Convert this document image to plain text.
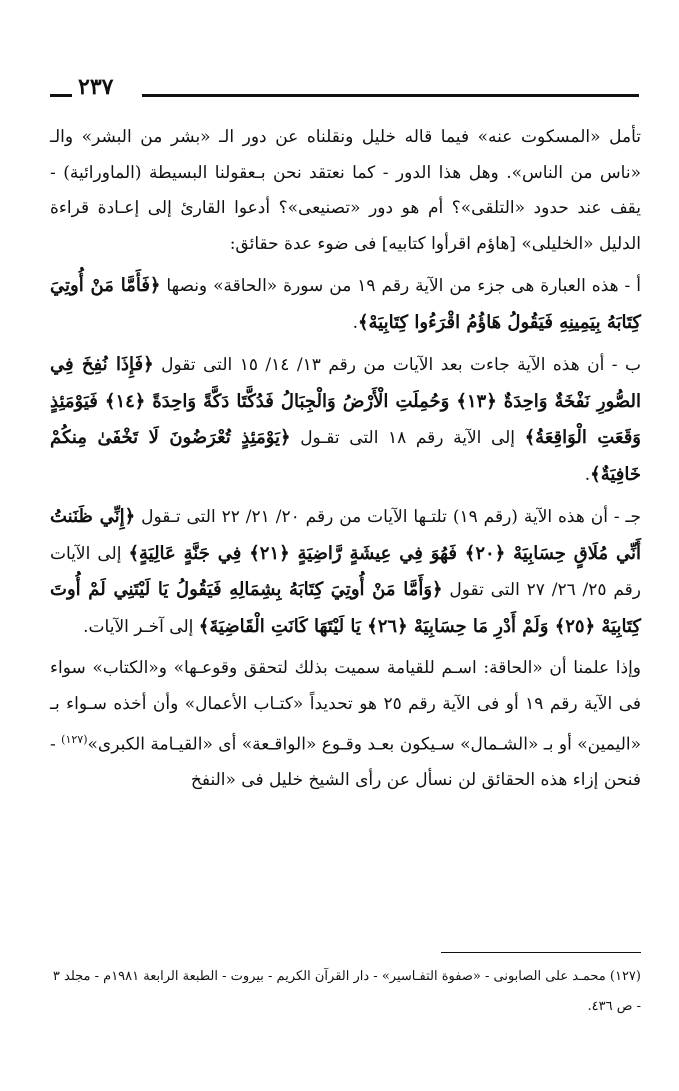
٢٣٧

تأمل «المسكوت عنه» فيما قاله خليل ونقلناه عن دور الـ «بشر من البشر» والـ «ناس من الناس». وهل هذا الدور - كما نعتقد نحن بـعقولنا البسيطة (الماورائية) - يقف عند حدود «التلقى»؟ أم هو دور «تصنيعى»؟ أدعوا القارئ إلى إعـادة قراءة الدليل «الخليلى» [هاؤم اقرأوا كتابيه] فى ضوء عدة حقائق:

أ - هذه العبارة هى جزء من الآية رقم ١٩ من سورة «الحاقة» ونصها ﴿فَأَمَّا مَنْ أُوتِيَ كِتَابَهُ بِيَمِينِهِ فَيَقُولُ هَاؤُمُ اقْرَءُوا كِتَابِيَهْ﴾.

ب - أن هذه الآية جاءت بعد الآيات من رقم ١٣/ ١٤/ ١٥ التى تقول ﴿فَإِذَا نُفِخَ فِي الصُّورِ نَفْخَةٌ وَاحِدَةٌ ﴿١٣﴾ وَحُمِلَتِ الْأَرْضُ وَالْجِبَالُ فَدُكَّتَا دَكَّةً وَاحِدَةً ﴿١٤﴾ فَيَوْمَئِذٍ وَقَعَتِ الْوَاقِعَةُ﴾ إلى الآية رقم ١٨ التى تقـول ﴿يَوْمَئِذٍ تُعْرَضُونَ لَا تَخْفَىٰ مِنكُمْ خَافِيَةٌ﴾.

جـ - أن هذه الآية (رقم ١٩) تلتـها الآيات من رقم ٢٠/ ٢١/ ٢٢ التى تـقول ﴿إِنِّي ظَنَنتُ أَنِّي مُلَاقٍ حِسَابِيَهْ ﴿٢٠﴾ فَهُوَ فِي عِيشَةٍ رَّاضِيَةٍ ﴿٢١﴾ فِي جَنَّةٍ عَالِيَةٍ﴾ إلى الآيات رقم ٢٥/ ٢٦/ ٢٧ التى تقول ﴿وَأَمَّا مَنْ أُوتِيَ كِتَابَهُ بِشِمَالِهِ فَيَقُولُ يَا لَيْتَنِي لَمْ أُوتَ كِتَابِيَهْ ﴿٢٥﴾ وَلَمْ أَدْرِ مَا حِسَابِيَهْ ﴿٢٦﴾ يَا لَيْتَهَا كَانَتِ الْقَاضِيَةَ﴾ إلى آخـر الآيات.

وإذا علمنا أن «الحاقة: اسـم للقيامة سميت بذلك لتحقق وقوعـها» و«الكتاب» سواء فى الآية رقم ١٩ أو فى الآية رقم ٢٥ هو تحديداً «كتـاب الأعمال» وأن أخذه سـواء بـ «اليمين» أو بـ «الشـمال» سـيكون بعـد وقـوع «الواقـعة» أى «القيـامة الكبرى»$^{(١٢٧)}$ - فنحن إزاء هذه الحقائق لن نسأل عن رأى الشيخ خليل فى «النفخ

(١٢٧) محمـد على الصابونى - «صفوة التفـاسير» - دار القرآن الكريم - بيروت - الطبعة الرابعة ١٩٨١م - مجلد ٣ - ص ٤٣٦.
